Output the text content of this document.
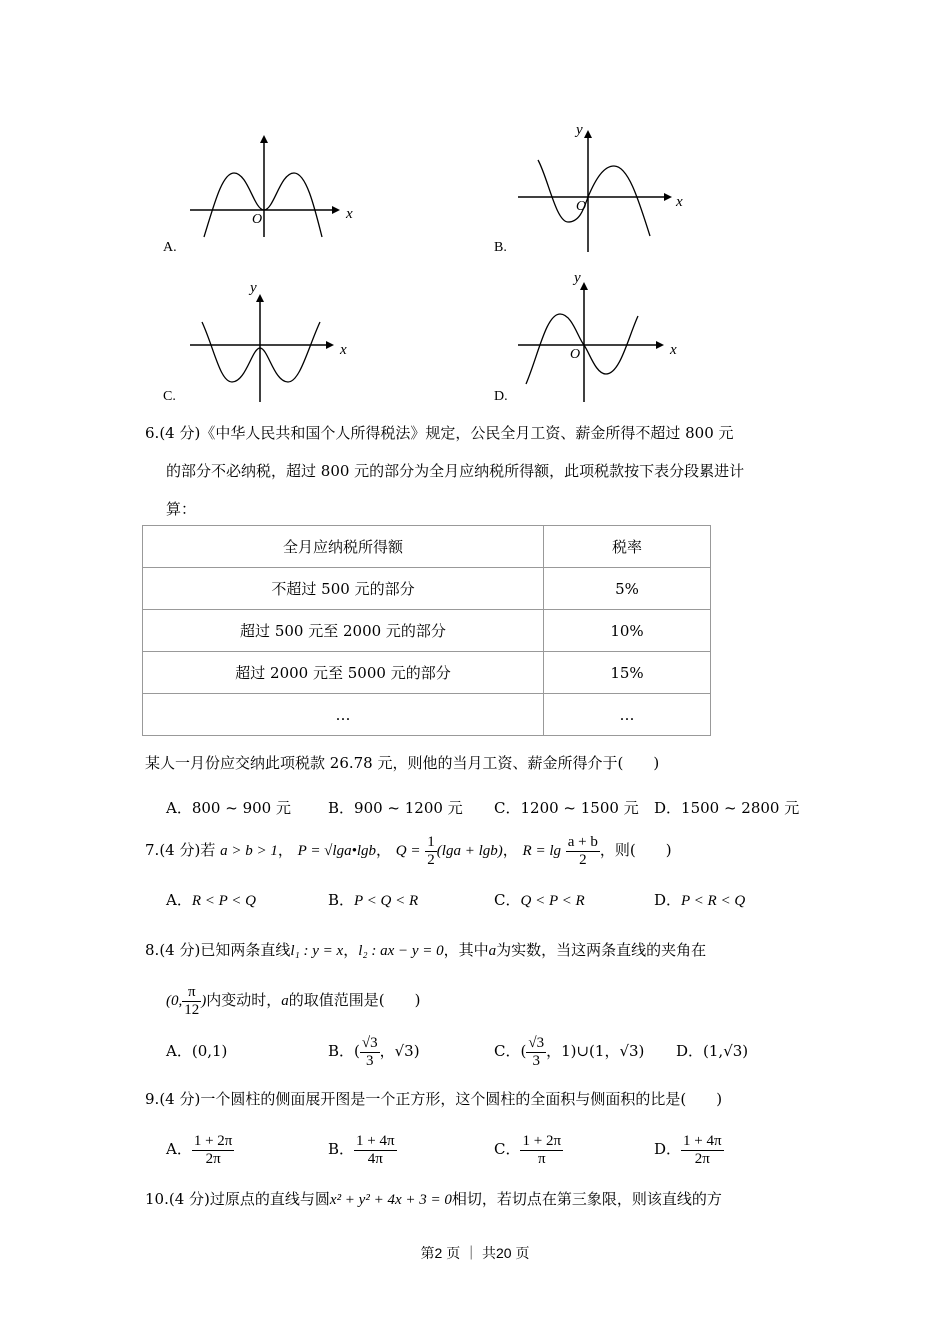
O	x
A.
O	x
y
B.
x
y
C.
O	x
y
D.
6.(4 分)《中华人民共和国个人所得税法》规定，公民全月工资、薪金所得不超过 800 元
的部分不必纳税，超过 800 元的部分为全月应纳税所得额，此项税款按下表分段累进计
算：
全月应纳税所得额	税率
不超过 500 元的部分	5%
超过 500 元至 2000 元的部分	10%
超过 2000 元至 5000 元的部分	15%
…	…
某人一月份应交纳此项税款 26.78 元，则他的当月工资、薪金所得介于(　　)
A．800 ~ 900 元 B．900 ~ 1200 元 C．1200 ~ 1500 元 D．1500 ~ 2800 元
7.(4 分)若 a > b > 1， P = √lga•lgb， $Q = \frac{1}{2} (\lg a + \lg b)$， $R = \lg \frac{a + b}{2}$ ，则(　　)
A．R < P < Q	B．P < Q < R	C．Q < P < R	D．P < R < Q
8.(4 分)已知两条直线l₁ : y = x，l₂ : ax − y = 0，其中a为实数，当这两条直线的夹角在
(0, $\frac{\pi}{12}$ )内变动时，a的取值范围是(　　)
A．(0,1)	B．( $\frac{√3}{3}$ ，√3)	C．( $\frac{√3}{3}$ ，1)∪(1，√3) D．(1,√3)
9.(4 分)一个圆柱的侧面展开图是一个正方形，这个圆柱的全面积与侧面积的比是(　　)
A． $\frac{1 + 2\pi}{2\pi}$	B． $\frac{1 + 4\pi}{4\pi}$	C． $\frac{1 + 2\pi}{\pi}$	D． $\frac{1 + 4\pi}{2\pi}$
10.(4 分)过原点的直线与圆x² + y² + 4x + 3 = 0相切，若切点在第三象限，则该直线的方
第2 页 ｜ 共20 页
